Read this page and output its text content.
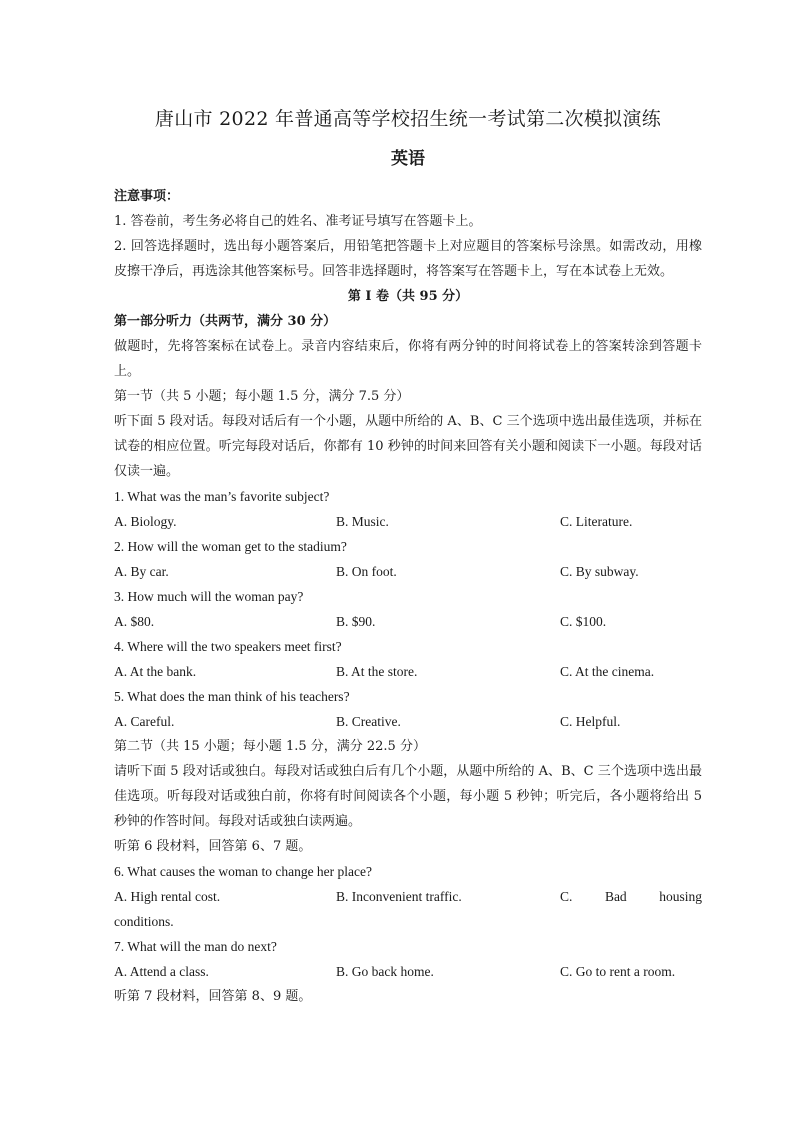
唐山市 2022 年普通高等学校招生统一考试第二次模拟演练
英语
注意事项：
1. 答卷前，考生务必将自己的姓名、准考证号填写在答题卡上。
2. 回答选择题时，选出每小题答案后，用铅笔把答题卡上对应题目的答案标号涂黑。如需改动，用橡皮擦干净后，再选涂其他答案标号。回答非选择题时，将答案写在答题卡上，写在本试卷上无效。
第 I 卷（共 95 分）
第一部分听力（共两节，满分 30 分）
做题时，先将答案标在试卷上。录音内容结束后，你将有两分钟的时间将试卷上的答案转涂到答题卡上。
第一节（共 5 小题；每小题 1.5 分，满分 7.5 分）
听下面 5 段对话。每段对话后有一个小题，从题中所给的 A、B、C 三个选项中选出最佳选项，并标在试卷的相应位置。听完每段对话后，你都有 10 秒钟的时间来回答有关小题和阅读下一小题。每段对话仅读一遍。
1. What was the man’s favorite subject?
A. Biology.	B. Music.	C. Literature.
2. How will the woman get to the stadium?
A. By car.	B. On foot.	C. By subway.
3. How much will the woman pay?
A. $80.	B. $90.	C. $100.
4. Where will the two speakers meet first?
A. At the bank.	B. At the store.	C. At the cinema.
5. What does the man think of his teachers?
A. Careful.	B. Creative.	C. Helpful.
第二节（共 15 小题；每小题 1.5 分，满分 22.5 分）
请听下面 5 段对话或独白。每段对话或独白后有几个小题，从题中所给的 A、B、C 三个选项中选出最佳选项。听每段对话或独白前，你将有时间阅读各个小题，每小题 5 秒钟；听完后，各小题将给出 5 秒钟的作答时间。每段对话或独白读两遍。
听第 6 段材料，回答第 6、7 题。
6. What causes the woman to change her place?
A. High rental cost.	B. Inconvenient traffic.	C. Bad housing
conditions.
7. What will the man do next?
A. Attend a class.	B. Go back home.	C. Go to rent a room.
听第 7 段材料，回答第 8、9 题。
